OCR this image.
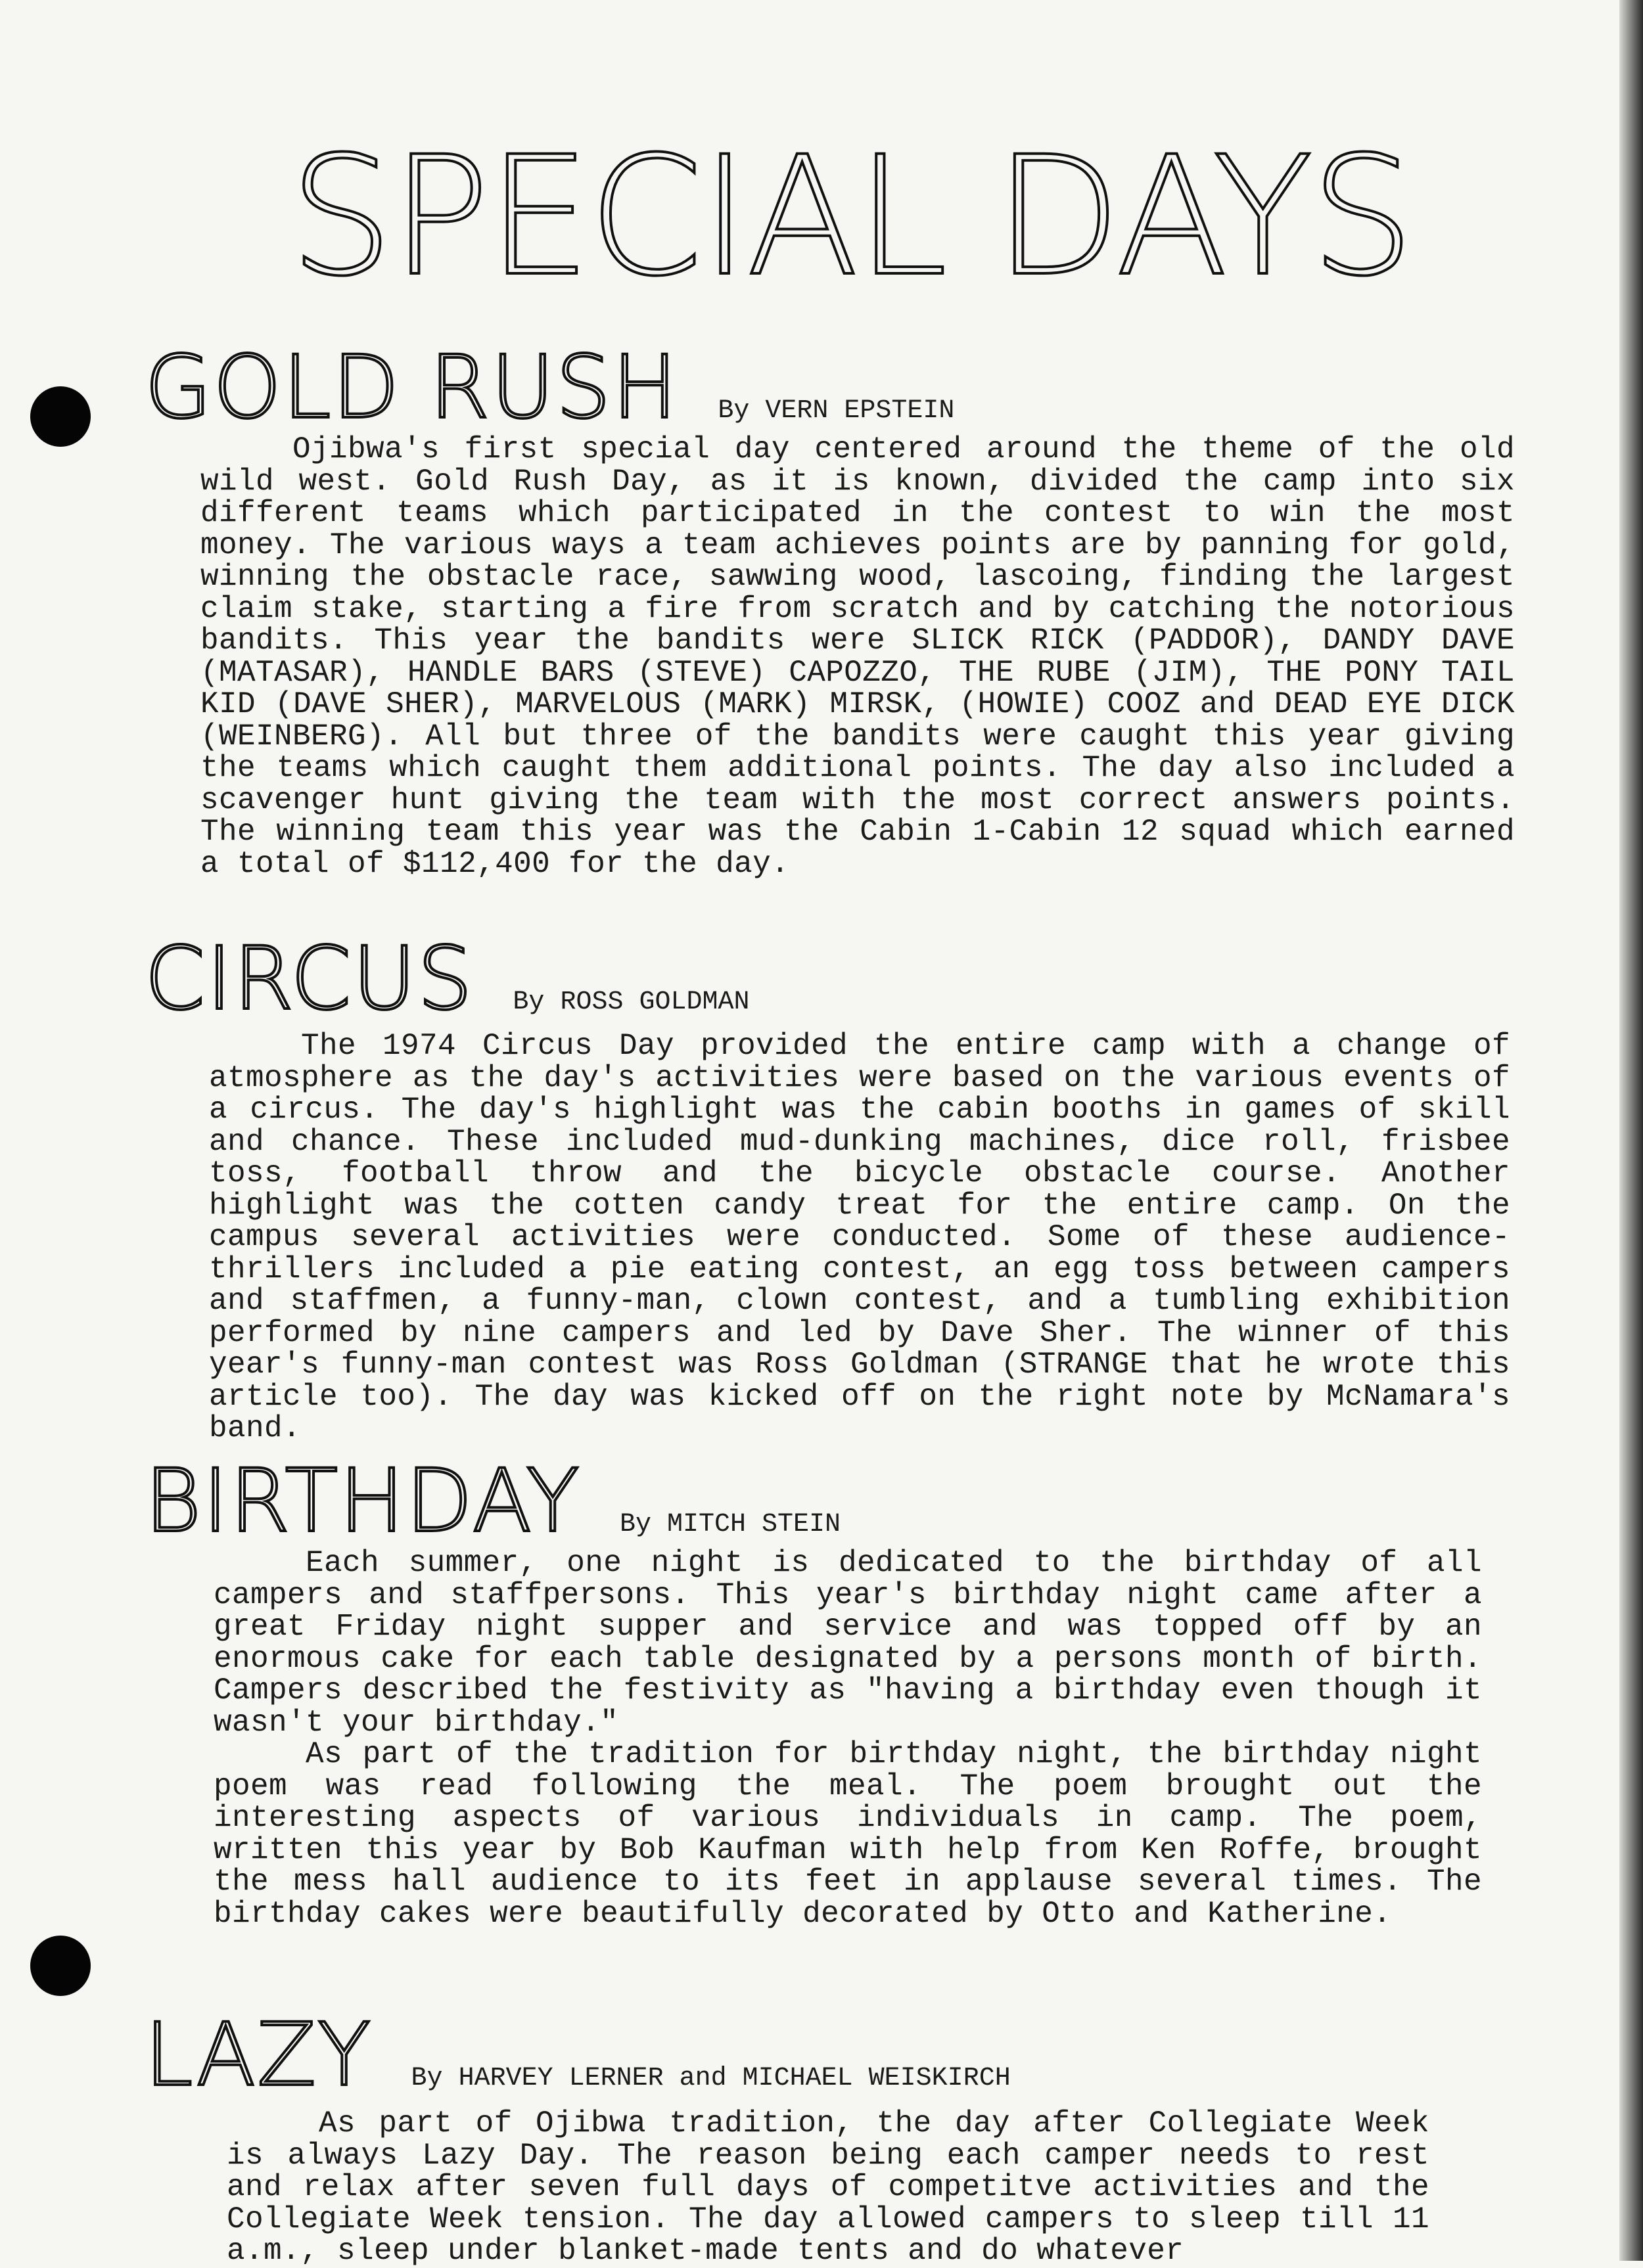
SPECIAL DAYS
GOLD RUSH By VERN EPSTEIN

Ojibwa's first special day centered around the theme of the old wild west. Gold Rush Day, as it is known, divided the camp into six different teams which participated in the contest to win the most money. The various ways a team achieves points are by panning for gold, winning the obstacle race, sawwing wood, lascoing, finding the largest claim stake, starting a fire from scratch and by catching the notorious bandits. This year the bandits were SLICK RICK (PADDOR), DANDY DAVE (MATASAR), HANDLE BARS (STEVE) CAPOZZO, THE RUBE (JIM), THE PONY TAIL KID (DAVE SHER), MARVELOUS (MARK) MIRSK, (HOWIE) COOZ and DEAD EYE DICK (WEINBERG). All but three of the bandits were caught this year giving the teams which caught them additional points. The day also included a scavenger hunt giving the team with the most correct answers points. The winning team this year was the Cabin 1-Cabin 12 squad which earned a total of $112,400 for the day.

CIRCUS By ROSS GOLDMAN

The 1974 Circus Day provided the entire camp with a change of atmosphere as the day's activities were based on the various events of a circus. The day's highlight was the cabin booths in games of skill and chance. These included mud-dunking machines, dice roll, frisbee toss, football throw and the bicycle obstacle course. Another highlight was the cotten candy treat for the entire camp. On the campus several activities were conducted. Some of these audience-thrillers included a pie eating contest, an egg toss between campers and staffmen, a funny-man, clown contest, and a tumbling exhibition performed by nine campers and led by Dave Sher. The winner of this year's funny-man contest was Ross Goldman (STRANGE that he wrote this article too). The day was kicked off on the right note by McNamara's band.

BIRTHDAY By MITCH STEIN

Each summer, one night is dedicated to the birthday of all campers and staffpersons. This year's birthday night came after a great Friday night supper and service and was topped off by an enormous cake for each table designated by a persons month of birth. Campers described the festivity as "having a birthday even though it wasn't your birthday."

As part of the tradition for birthday night, the birthday night poem was read following the meal. The poem brought out the interesting aspects of various individuals in camp. The poem, written this year by Bob Kaufman with help from Ken Roffe, brought the mess hall audience to its feet in applause several times. The birthday cakes were beautifully decorated by Otto and Katherine.

LAZY By HARVEY LERNER and MICHAEL WEISKIRCH

As part of Ojibwa tradition, the day after Collegiate Week is always Lazy Day. The reason being each camper needs to rest and relax after seven full days of competitve activities and the Collegiate Week tension. The day allowed campers to sleep till 11 a.m., sleep under blanket-made tents and do whatever
